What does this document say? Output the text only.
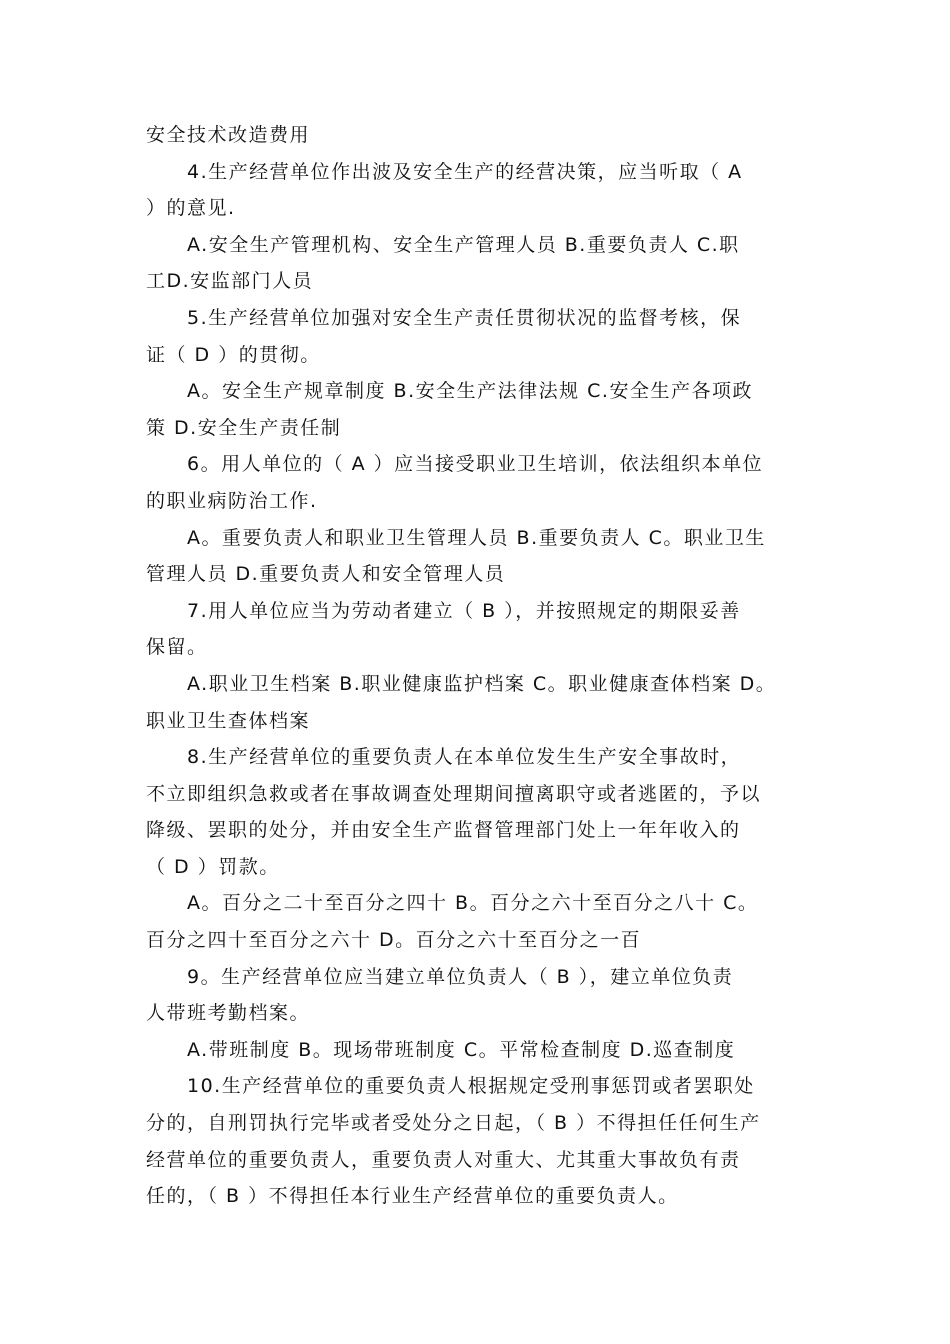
安全技术改造费用
4.生产经营单位作出波及安全生产的经营决策，应当听取（ A
）的意见.
A.安全生产管理机构、安全生产管理人员 B.重要负责人 C.职
工D.安监部门人员
5.生产经营单位加强对安全生产责任贯彻状况的监督考核，保
证（ D ）的贯彻。
A。安全生产规章制度 B.安全生产法律法规 C.安全生产各项政
策 D.安全生产责任制
6。用人单位的（ A ）应当接受职业卫生培训，依法组织本单位
的职业病防治工作.
A。重要负责人和职业卫生管理人员 B.重要负责人 C。职业卫生
管理人员 D.重要负责人和安全管理人员
7.用人单位应当为劳动者建立（ B ），并按照规定的期限妥善
保留。
A.职业卫生档案 B.职业健康监护档案 C。职业健康查体档案 D。
职业卫生查体档案
8.生产经营单位的重要负责人在本单位发生生产安全事故时，
不立即组织急救或者在事故调查处理期间擅离职守或者逃匿的，予以
降级、罢职的处分，并由安全生产监督管理部门处上一年年收入的
（ D ）罚款。
A。百分之二十至百分之四十 B。百分之六十至百分之八十 C。
百分之四十至百分之六十 D。百分之六十至百分之一百
9。生产经营单位应当建立单位负责人（ B ），建立单位负责
人带班考勤档案。
A.带班制度 B。现场带班制度 C。平常检查制度 D.巡查制度
10.生产经营单位的重要负责人根据规定受刑事惩罚或者罢职处
分的，自刑罚执行完毕或者受处分之日起，（ B ）不得担任任何生产
经营单位的重要负责人，重要负责人对重大、尤其重大事故负有责
任的，（ B ）不得担任本行业生产经营单位的重要负责人。
